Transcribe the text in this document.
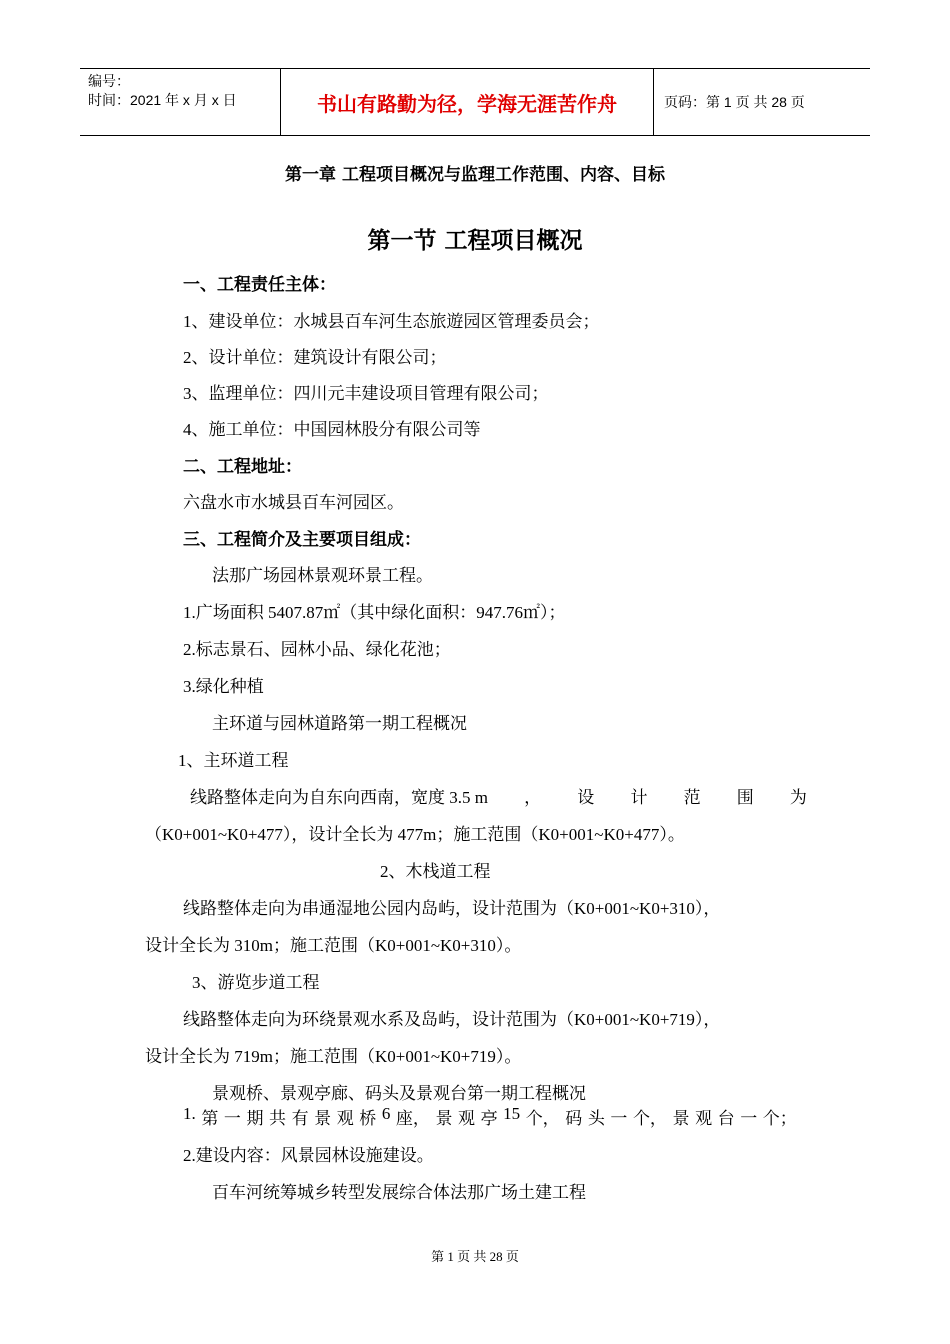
编号：
时间：2021 年 x 月 x 日	书山有路勤为径，学海无涯苦作舟	页码：第 1 页 共 28 页
第一章 工程项目概况与监理工作范围、内容、目标
第一节 工程项目概况
一、工程责任主体：
1、建设单位：水城县百车河生态旅遊园区管理委员会；
2、设计单位：建筑设计有限公司；
3、监理单位：四川元丰建设项目管理有限公司；
4、施工单位：中国园林股分有限公司等
二、工程地址：
六盘水市水城县百车河园区。
三、工程简介及主要项目组成：
法那广场园林景观环景工程。
1.广场面积 5407.87㎡（其中绿化面积：947.76㎡）；
2.标志景石、园林小品、绿化花池；
3.绿化种植
主环道与园林道路第一期工程概况
1、主环道工程
线路整体走向为自东向西南，宽度 3.5 m ， 设 计 范 围 为
（K0+001~K0+477），设计全长为 477m；施工范围（K0+001~K0+477）。
2、木栈道工程
线路整体走向为串通湿地公园内岛屿，设计范围为（K0+001~K0+310），
设计全长为 310m；施工范围（K0+001~K0+310）。
3、游览步道工程
线路整体走向为环绕景观水系及岛屿，设计范围为（K0+001~K0+719），
设计全长为 719m；施工范围（K0+001~K0+719）。
景观桥、景观亭廊、码头及景观台第一期工程概况
1. 第 一 期 共 有 景 观 桥 6 座， 景 观 亭 15 个， 码 头 一 个， 景 观 台 一 个；
2.建设内容：风景园林设施建设。
百车河统筹城乡转型发展综合体法那广场土建工程
第 1 页 共 28 页
